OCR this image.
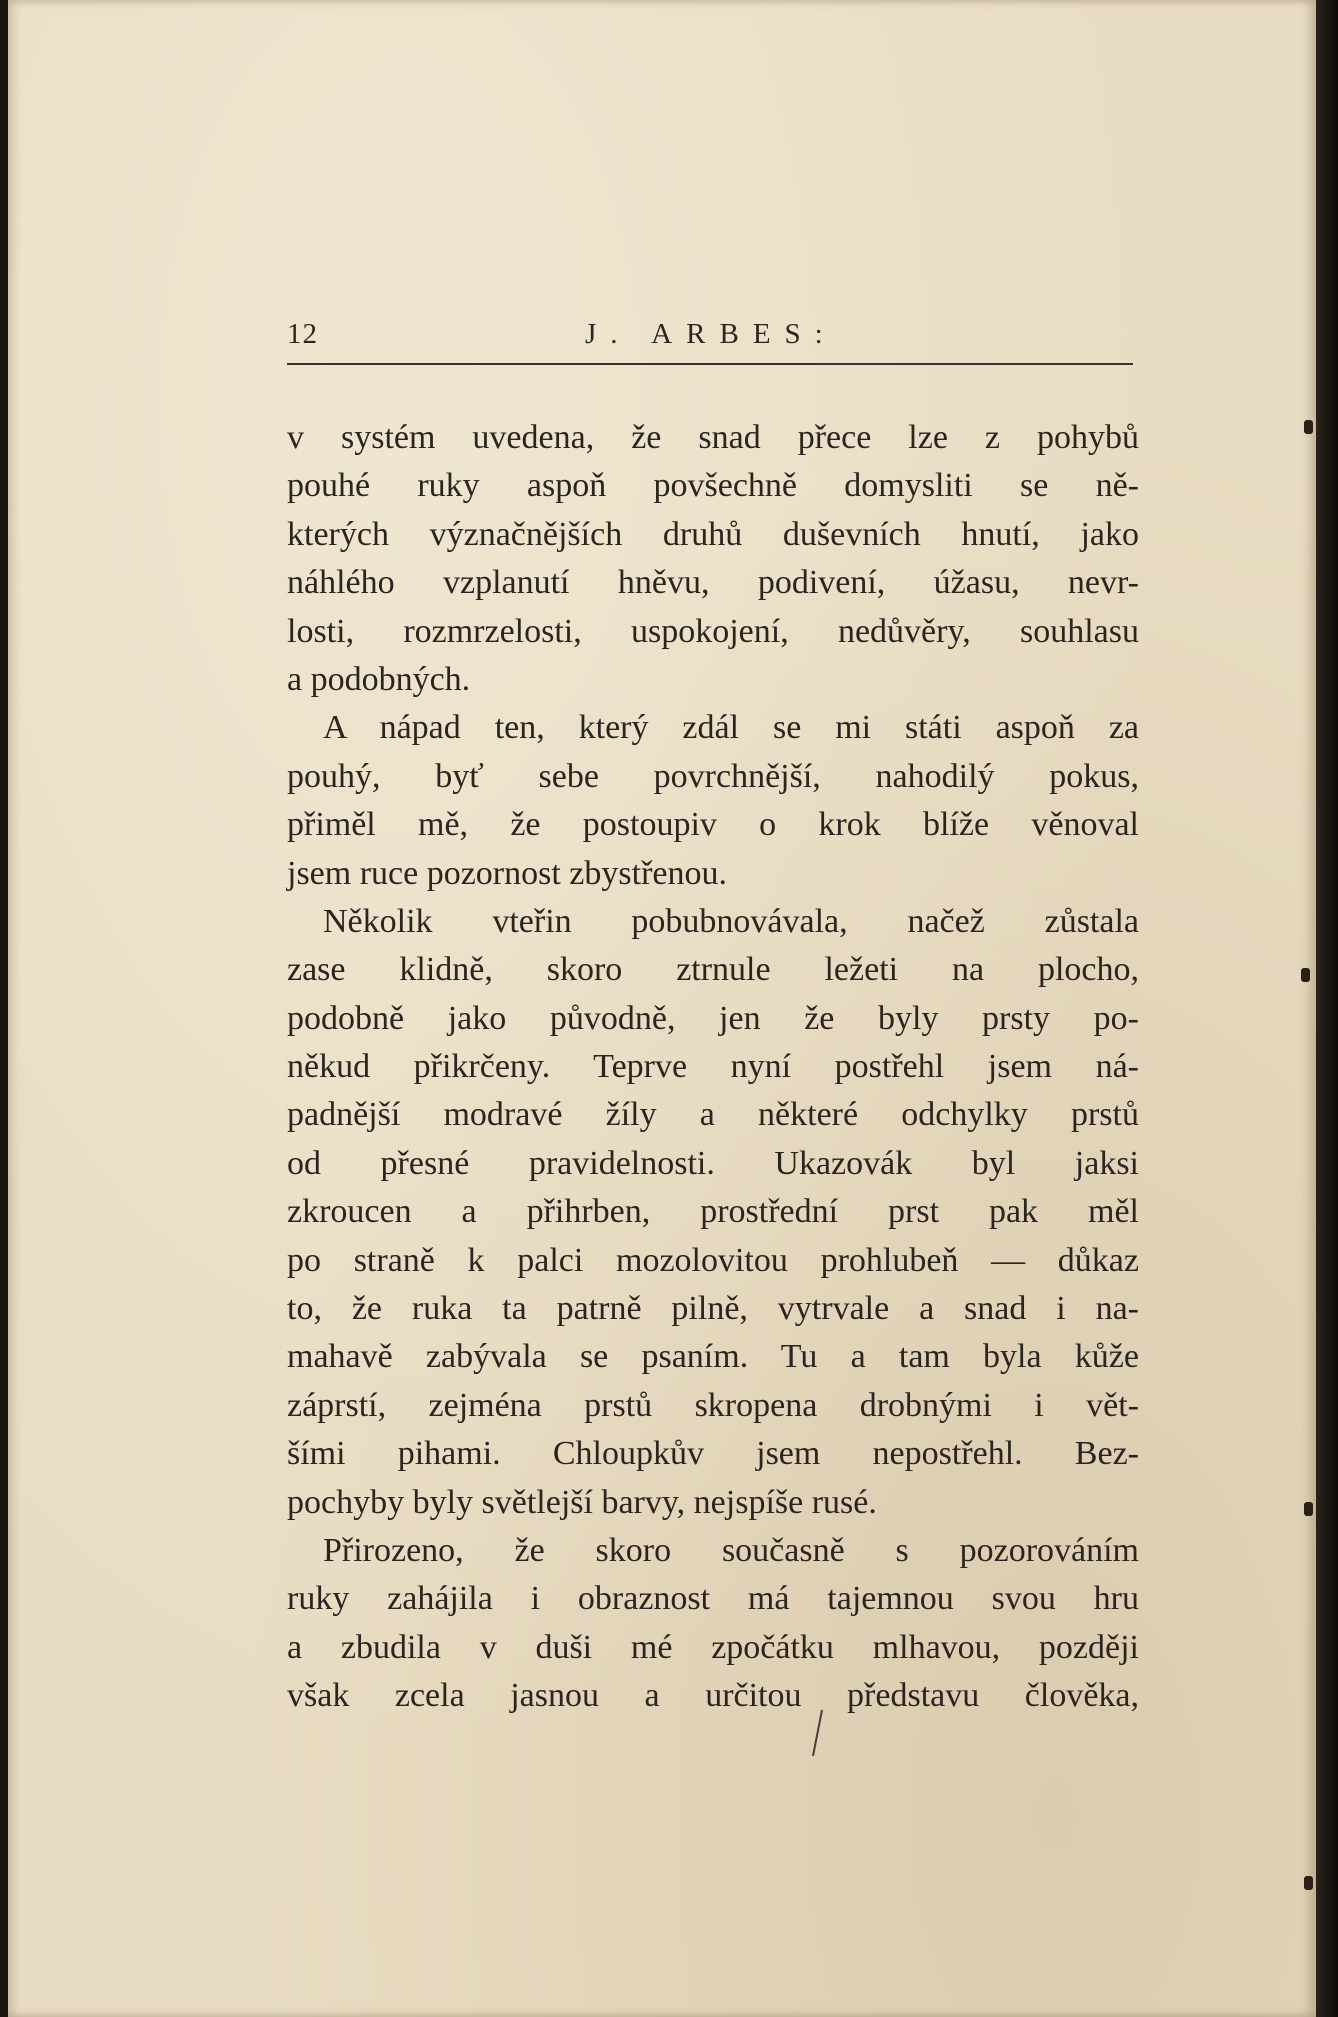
12	J. ARBES:
v systém uvedena, že snad přece lze z pohybů
pouhé ruky aspoň povšechně domysliti se ně-
kterých význačnějších druhů duševních hnutí, jako
náhlého vzplanutí hněvu, podivení, úžasu, nevr-
losti, rozmrzelosti, uspokojení, nedůvěry, souhlasu
a podobných.
A nápad ten, který zdál se mi státi aspoň za
pouhý, byť sebe povrchnější, nahodilý pokus,
přiměl mě, že postoupiv o krok blíže věnoval
jsem ruce pozornost zbystřenou.
Několik vteřin pobubnovávala, načež zůstala
zase klidně, skoro ztrnule ležeti na plocho,
podobně jako původně, jen že byly prsty po-
někud přikrčeny. Teprve nyní postřehl jsem ná-
padnější modravé žíly a některé odchylky prstů
od přesné pravidelnosti. Ukazovák byl jaksi
zkroucen a přihrben, prostřední prst pak měl
po straně k palci mozolovitou prohlubeň — důkaz
to, že ruka ta patrně pilně, vytrvale a snad i na-
mahavě zabývala se psaním. Tu a tam byla kůže
záprstí, zejména prstů skropena drobnými i vět-
šími pihami. Chloupkův jsem nepostřehl. Bez-
pochyby byly světlejší barvy, nejspíše rusé.
Přirozeno, že skoro současně s pozorováním
ruky zahájila i obraznost má tajemnou svou hru
a zbudila v duši mé zpočátku mlhavou, později
však zcela jasnou a určitou představu člověka,
